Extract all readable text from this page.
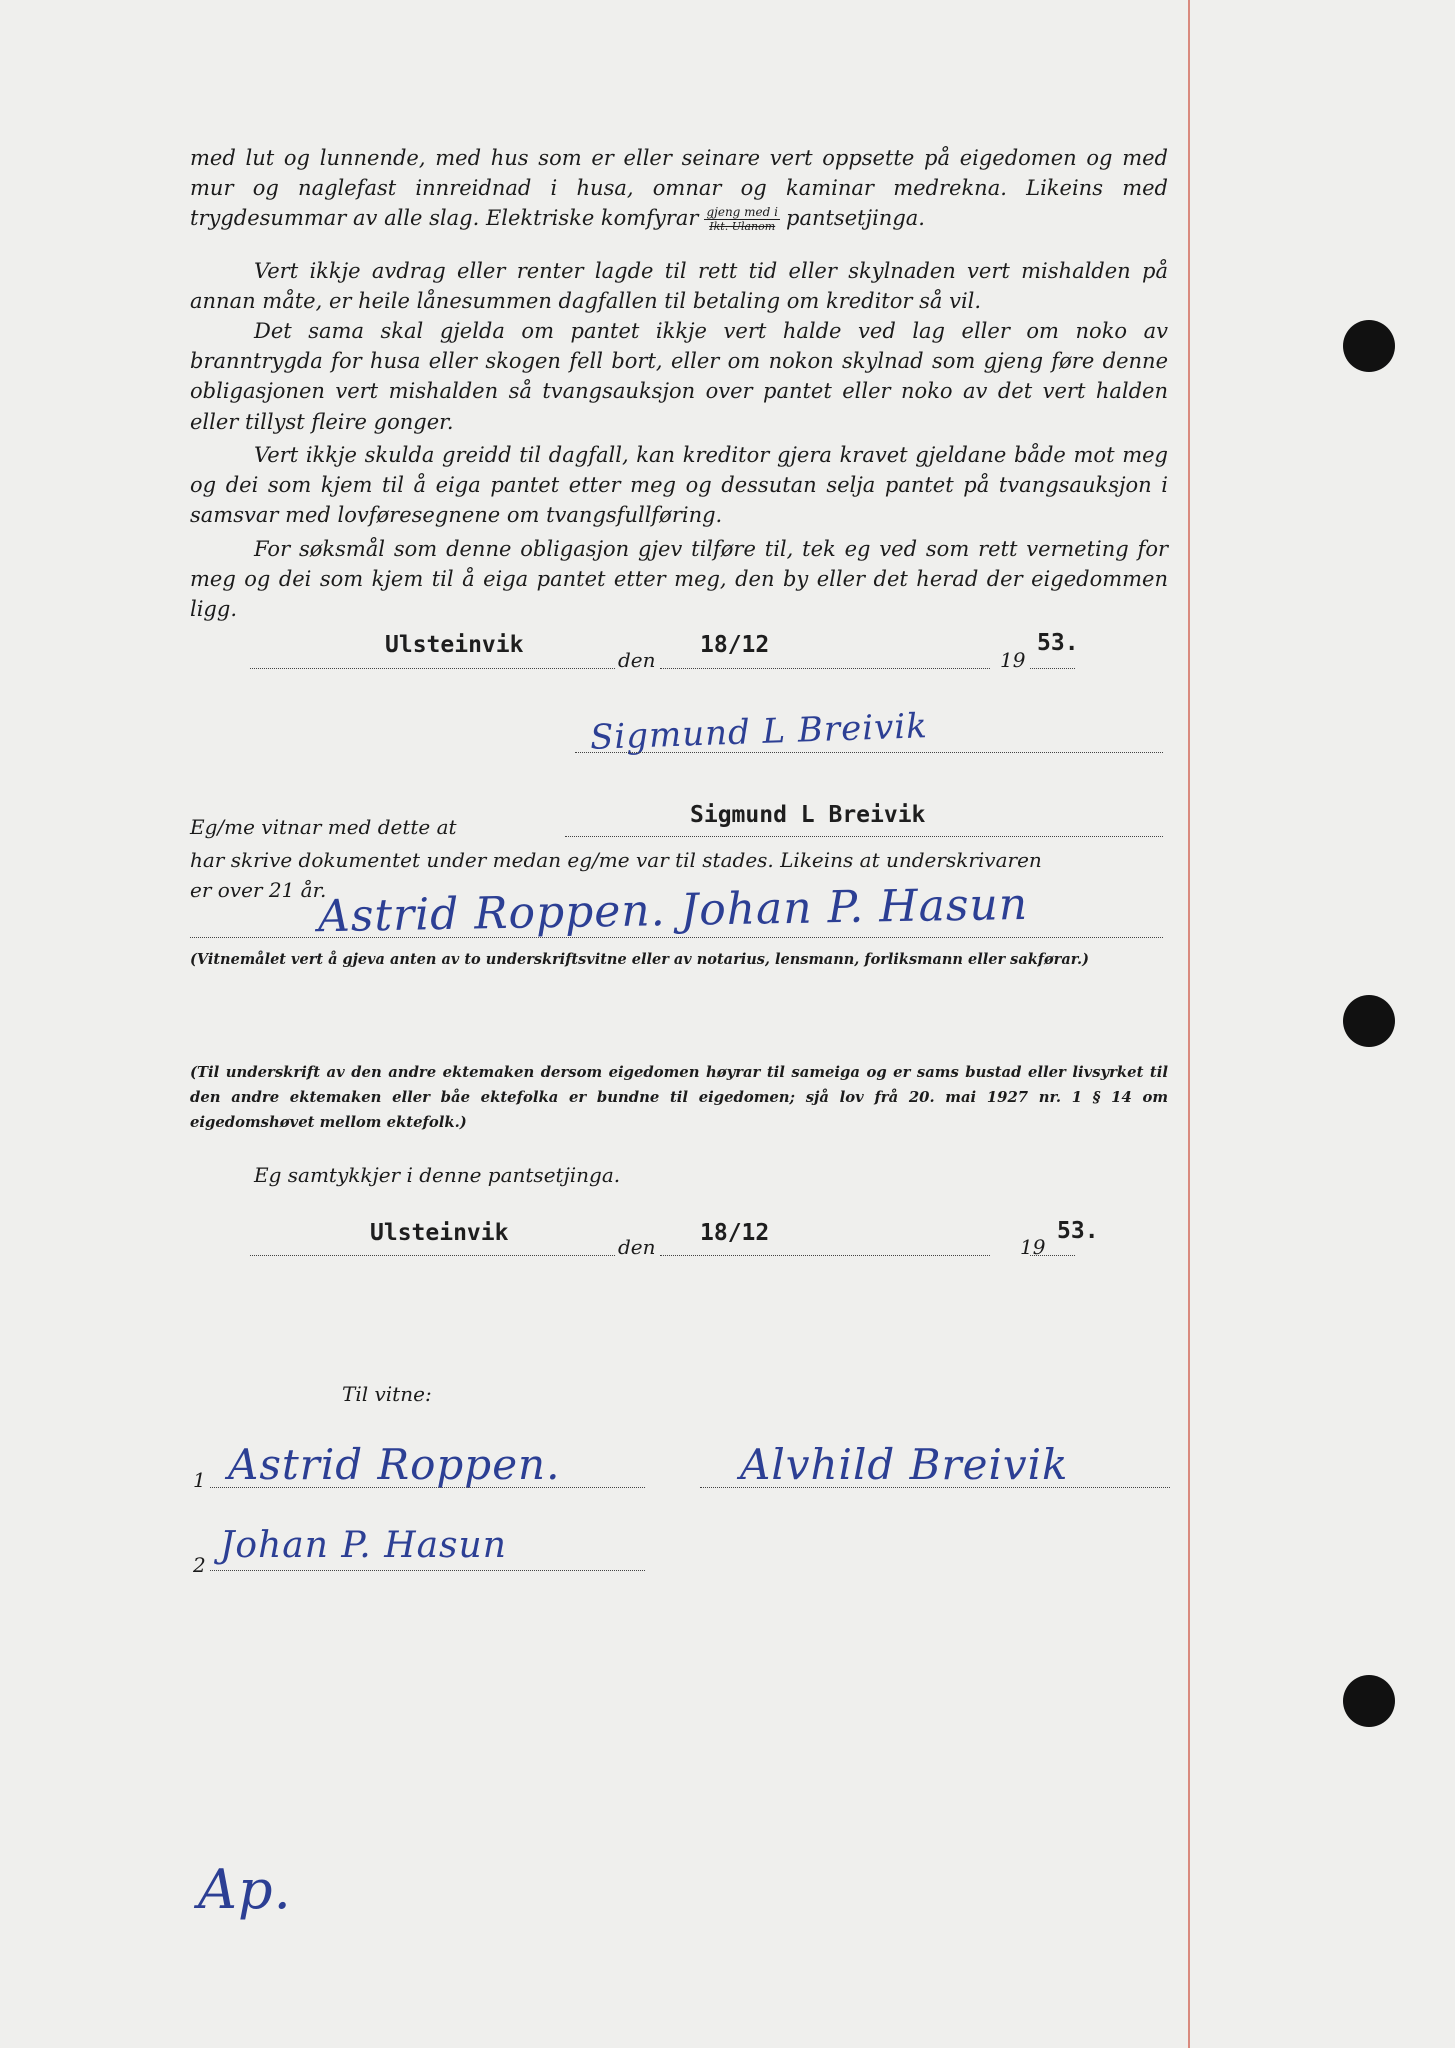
med lut og lunnende, med hus som er eller seinare vert oppsette på eigedomen og med mur og naglefast innreidnad i husa, omnar og kaminar medrekna. Likeins med trygdesummar av alle slag. Elektriske komfyrar gjeng med i
Ikt. Ulanom pantsetjinga.

Vert ikkje avdrag eller renter lagde til rett tid eller skylnaden vert mishalden på annan måte, er heile lånesummen dagfallen til betaling om kreditor så vil.

Det sama skal gjelda om pantet ikkje vert halde ved lag eller om noko av branntrygda for husa eller skogen fell bort, eller om nokon skylnad som gjeng føre denne obligasjonen vert mishalden så tvangsauksjon over pantet eller noko av det vert halden eller tillyst fleire gonger.

Vert ikkje skulda greidd til dagfall, kan kreditor gjera kravet gjeldane både mot meg og dei som kjem til å eiga pantet etter meg og dessutan selja pantet på tvangsauksjon i samsvar med lovføresegnene om tvangsfullføring.

For søksmål som denne obligasjon gjev tilføre til, tek eg ved som rett verneting for meg og dei som kjem til å eiga pantet etter meg, den by eller det herad der eigedommen ligg.

Ulsteinvik
den
18/12
19
53.
Sigmund L Breivik
Eg/me vitnar med dette at	Sigmund L Breivik
har skrive dokumentet under medan eg/me var til stades. Likeins at underskrivaren
er over 21 år.
Astrid Roppen. Johan P. Hasun

(Vitnemålet vert å gjeva anten av to underskriftsvitne eller av notarius, lensmann, forliksmann eller sakførar.)

(Til underskrift av den andre ektemaken dersom eigedomen høyrar til sameiga og er sams bustad eller livsyrket til den andre ektemaken eller båe ektefolka er bundne til eigedomen; sjå lov frå 20. mai 1927 nr. 1 § 14 om eigedomshøvet mellom ektefolk.)

Eg samtykkjer i denne pantsetjinga.
Ulsteinvik
den
18/12
19
53.
Til vitne:
1 Astrid Roppen.	Alvhild Breivik
2 Johan P. Hasun
Ap.
